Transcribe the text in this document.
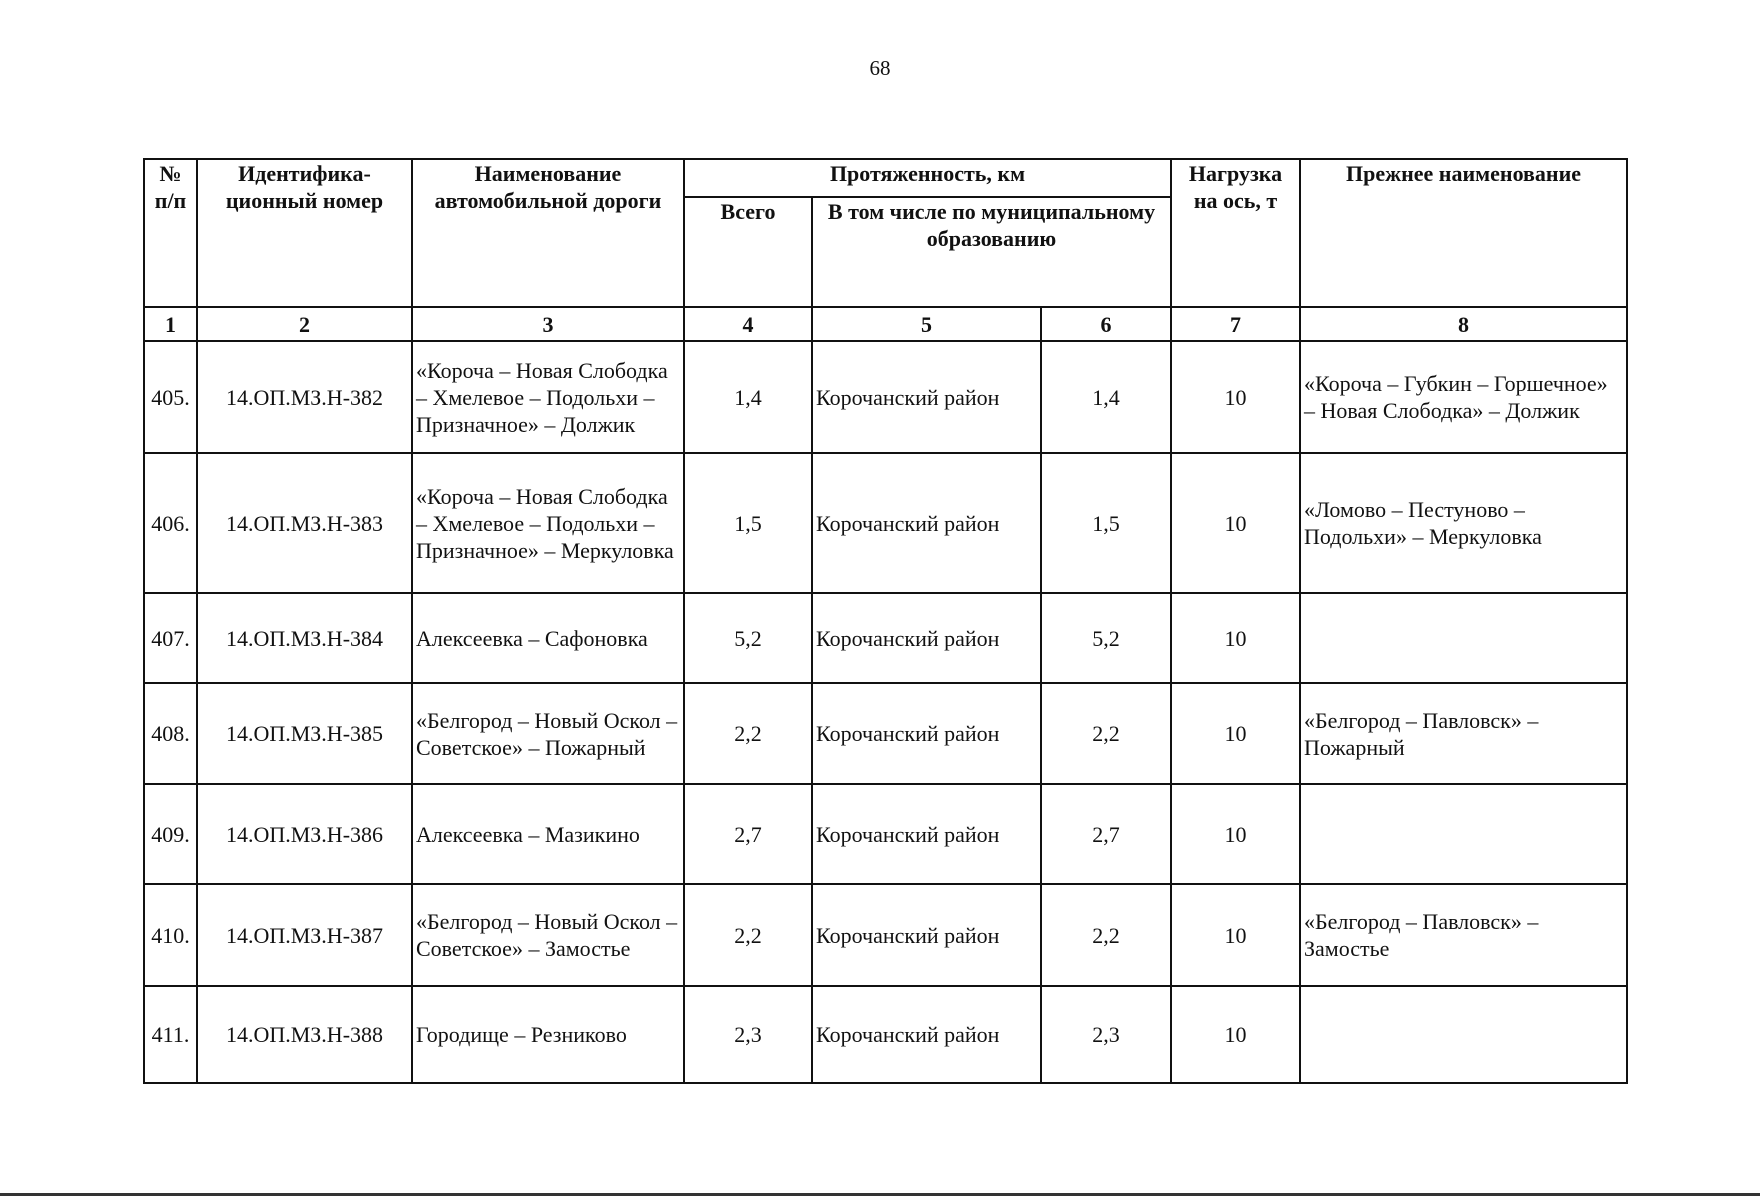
68
№ п/п	Идентифика-ционный номер	Наименование автомобильной дороги	Протяженность, км			Нагрузка на ось, т	Прежнее наименование
			Всего	В том числе по муниципальному образованию			
1	2	3	4	5	6	7	8
405.	14.ОП.МЗ.Н-382	«Короча – Новая Слободка – Хмелевое – Подольхи – Призначное» – Должик	1,4	Корочанский район	1,4	10	«Короча – Губкин – Горшечное» – Новая Слободка» – Должик
406.	14.ОП.МЗ.Н-383	«Короча – Новая Слободка – Хмелевое – Подольхи – Призначное» – Меркуловка	1,5	Корочанский район	1,5	10	«Ломово – Пестуново – Подольхи» – Меркуловка
407.	14.ОП.МЗ.Н-384	Алексеевка – Сафоновка	5,2	Корочанский район	5,2	10	
408.	14.ОП.МЗ.Н-385	«Белгород – Новый Оскол – Советское» – Пожарный	2,2	Корочанский район	2,2	10	«Белгород – Павловск» – Пожарный
409.	14.ОП.МЗ.Н-386	Алексеевка – Мазикино	2,7	Корочанский район	2,7	10	
410.	14.ОП.МЗ.Н-387	«Белгород – Новый Оскол – Советское» – Замостье	2,2	Корочанский район	2,2	10	«Белгород – Павловск» – Замостье
411.	14.ОП.МЗ.Н-388	Городище – Резниково	2,3	Корочанский район	2,3	10	
